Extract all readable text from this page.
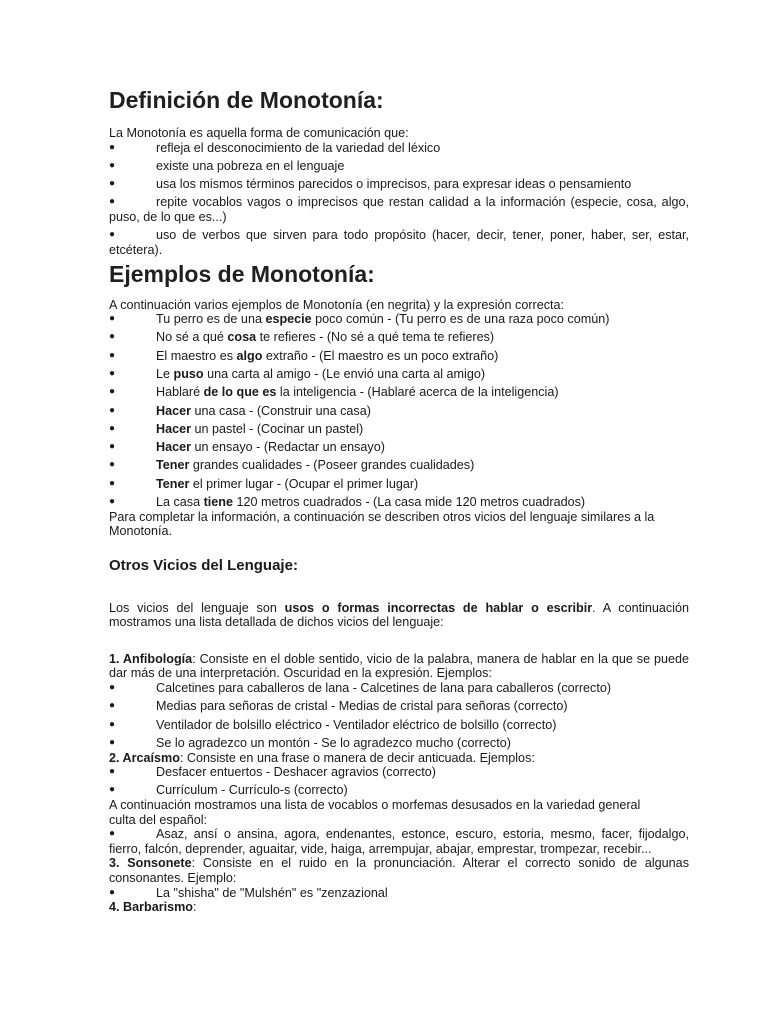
Definición de Monotonía:

La Monotonía es aquella forma de comunicación que:

●	refleja el desconocimiento de la variedad del léxico
●	existe una pobreza en el lenguaje
●	usa los mismos términos parecidos o imprecisos, para expresar ideas o pensamiento
●	repite vocablos vagos o imprecisos que restan calidad a la información (especie, cosa, algo, puso, de lo que es...)
●	uso de verbos que sirven para todo propósito (hacer, decir, tener, poner, haber, ser, estar, etcétera).
Ejemplos de Monotonía:

A continuación varios ejemplos de Monotonía (en negrita) y la expresión correcta:

●	Tu perro es de una especie poco común - (Tu perro es de una raza poco común)
●	No sé a qué cosa te refieres - (No sé a qué tema te refieres)
●	El maestro es algo extraño - (El maestro es un poco extraño)
●	Le puso una carta al amigo - (Le envió una carta al amigo)
●	Hablaré de lo que es la inteligencia - (Hablaré acerca de la inteligencia)
●	Hacer una casa - (Construir una casa)
●	Hacer un pastel - (Cocinar un pastel)
●	Hacer un ensayo - (Redactar un ensayo)
●	Tener grandes cualidades - (Poseer grandes cualidades)
●	Tener el primer lugar - (Ocupar el primer lugar)
●	La casa tiene 120 metros cuadrados - (La casa mide 120 metros cuadrados)

Para completar la información, a continuación se describen otros vicios del lenguaje similares a la Monotonía.

Otros Vicios del Lenguaje:

Los vicios del lenguaje son usos o formas incorrectas de hablar o escribir. A continuación mostramos una lista detallada de dichos vicios del lenguaje:

1. Anfibología: Consiste en el doble sentido, vicio de la palabra, manera de hablar en la que se puede dar más de una interpretación. Oscuridad en la expresión. Ejemplos:

●	Calcetines para caballeros de lana - Calcetines de lana para caballeros (correcto)
●	Medias para señoras de cristal - Medias de cristal para señoras (correcto)
●	Ventilador de bolsillo eléctrico - Ventilador eléctrico de bolsillo (correcto)
●	Se lo agradezco un montón - Se lo agradezco mucho (correcto)

2. Arcaísmo: Consiste en una frase o manera de decir anticuada. Ejemplos:

●	Desfacer entuertos - Deshacer agravios (correcto)
●	Currículum - Currículo-s (correcto)

A continuación mostramos una lista de vocablos o morfemas desusados en la variedad general culta del español:

●	Asaz, ansí o ansina, agora, endenantes, estonce, escuro, estoria, mesmo, facer, fijodalgo, fierro, falcón, deprender, aguaitar, vide, haiga, arrempujar, abajar, emprestar, trompezar, recebir...

3. Sonsonete: Consiste en el ruido en la pronunciación. Alterar el correcto sonido de algunas consonantes. Ejemplo:

●	La "shisha" de "Mulshén" es "zenzazional

4. Barbarismo:
